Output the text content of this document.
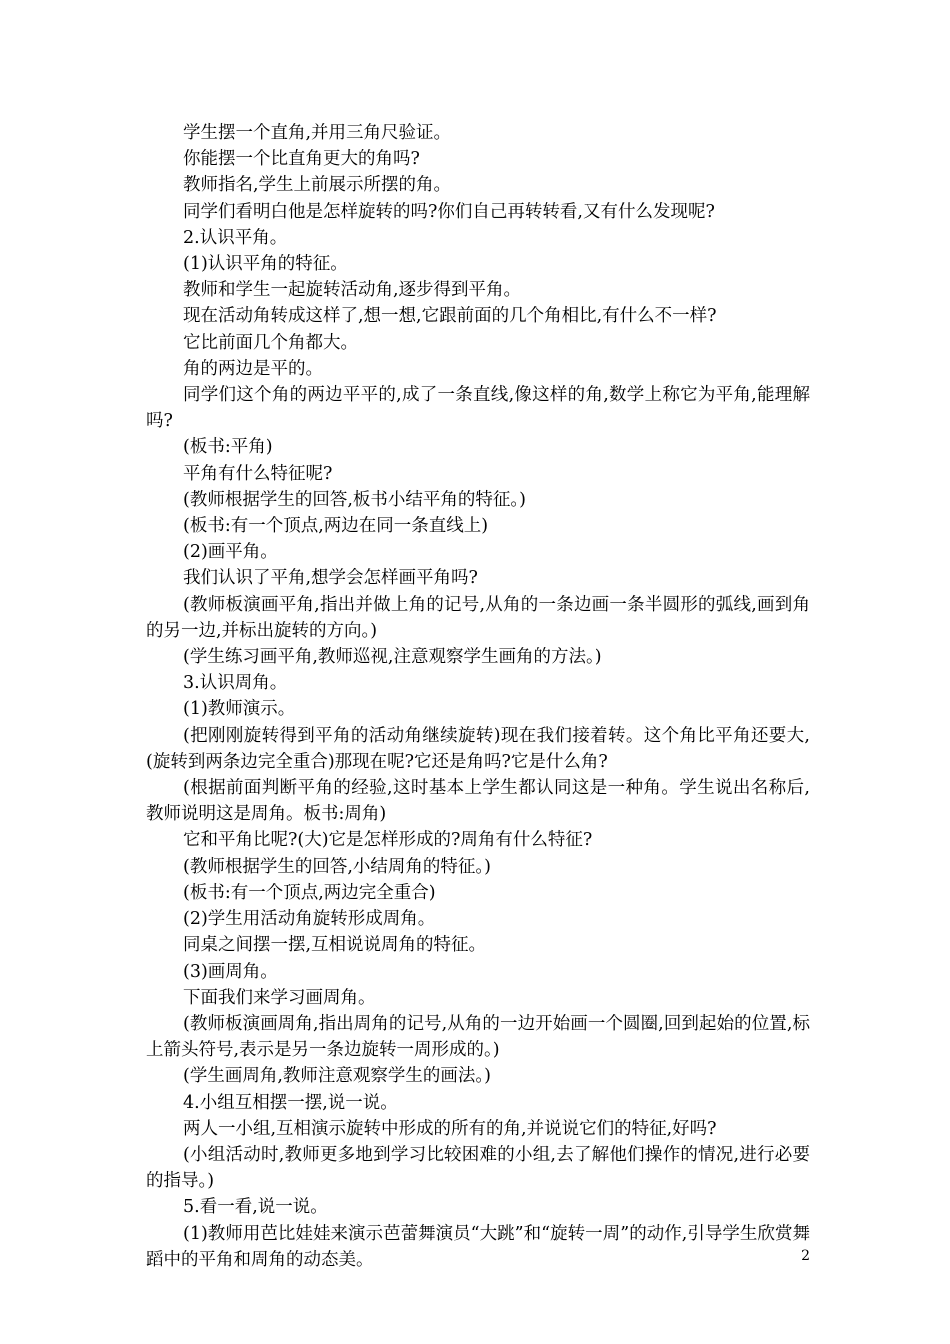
学生摆一个直角,并用三角尺验证。

你能摆一个比直角更大的角吗?

教师指名,学生上前展示所摆的角。

同学们看明白他是怎样旋转的吗?你们自己再转转看,又有什么发现呢?

2.认识平角。

(1)认识平角的特征。

教师和学生一起旋转活动角,逐步得到平角。

现在活动角转成这样了,想一想,它跟前面的几个角相比,有什么不一样?

它比前面几个角都大。

角的两边是平的。

同学们这个角的两边平平的,成了一条直线,像这样的角,数学上称它为平角,能理解吗?

(板书:平角)

平角有什么特征呢?

(教师根据学生的回答,板书小结平角的特征。)

(板书:有一个顶点,两边在同一条直线上)

(2)画平角。

我们认识了平角,想学会怎样画平角吗?

(教师板演画平角,指出并做上角的记号,从角的一条边画一条半圆形的弧线,画到角的另一边,并标出旋转的方向。)

(学生练习画平角,教师巡视,注意观察学生画角的方法。)

3.认识周角。

(1)教师演示。

(把刚刚旋转得到平角的活动角继续旋转)现在我们接着转。这个角比平角还要大,(旋转到两条边完全重合)那现在呢?它还是角吗?它是什么角?

(根据前面判断平角的经验,这时基本上学生都认同这是一种角。学生说出名称后,教师说明这是周角。板书:周角)

它和平角比呢?(大)它是怎样形成的?周角有什么特征?

(教师根据学生的回答,小结周角的特征。)

(板书:有一个顶点,两边完全重合)

(2)学生用活动角旋转形成周角。

同桌之间摆一摆,互相说说周角的特征。

(3)画周角。

下面我们来学习画周角。

(教师板演画周角,指出周角的记号,从角的一边开始画一个圆圈,回到起始的位置,标上箭头符号,表示是另一条边旋转一周形成的。)

(学生画周角,教师注意观察学生的画法。)

4.小组互相摆一摆,说一说。

两人一小组,互相演示旋转中形成的所有的角,并说说它们的特征,好吗?

(小组活动时,教师更多地到学习比较困难的小组,去了解他们操作的情况,进行必要的指导。)

5.看一看,说一说。

(1)教师用芭比娃娃来演示芭蕾舞演员“大跳”和“旋转一周”的动作,引导学生欣赏舞蹈中的平角和周角的动态美。	2
